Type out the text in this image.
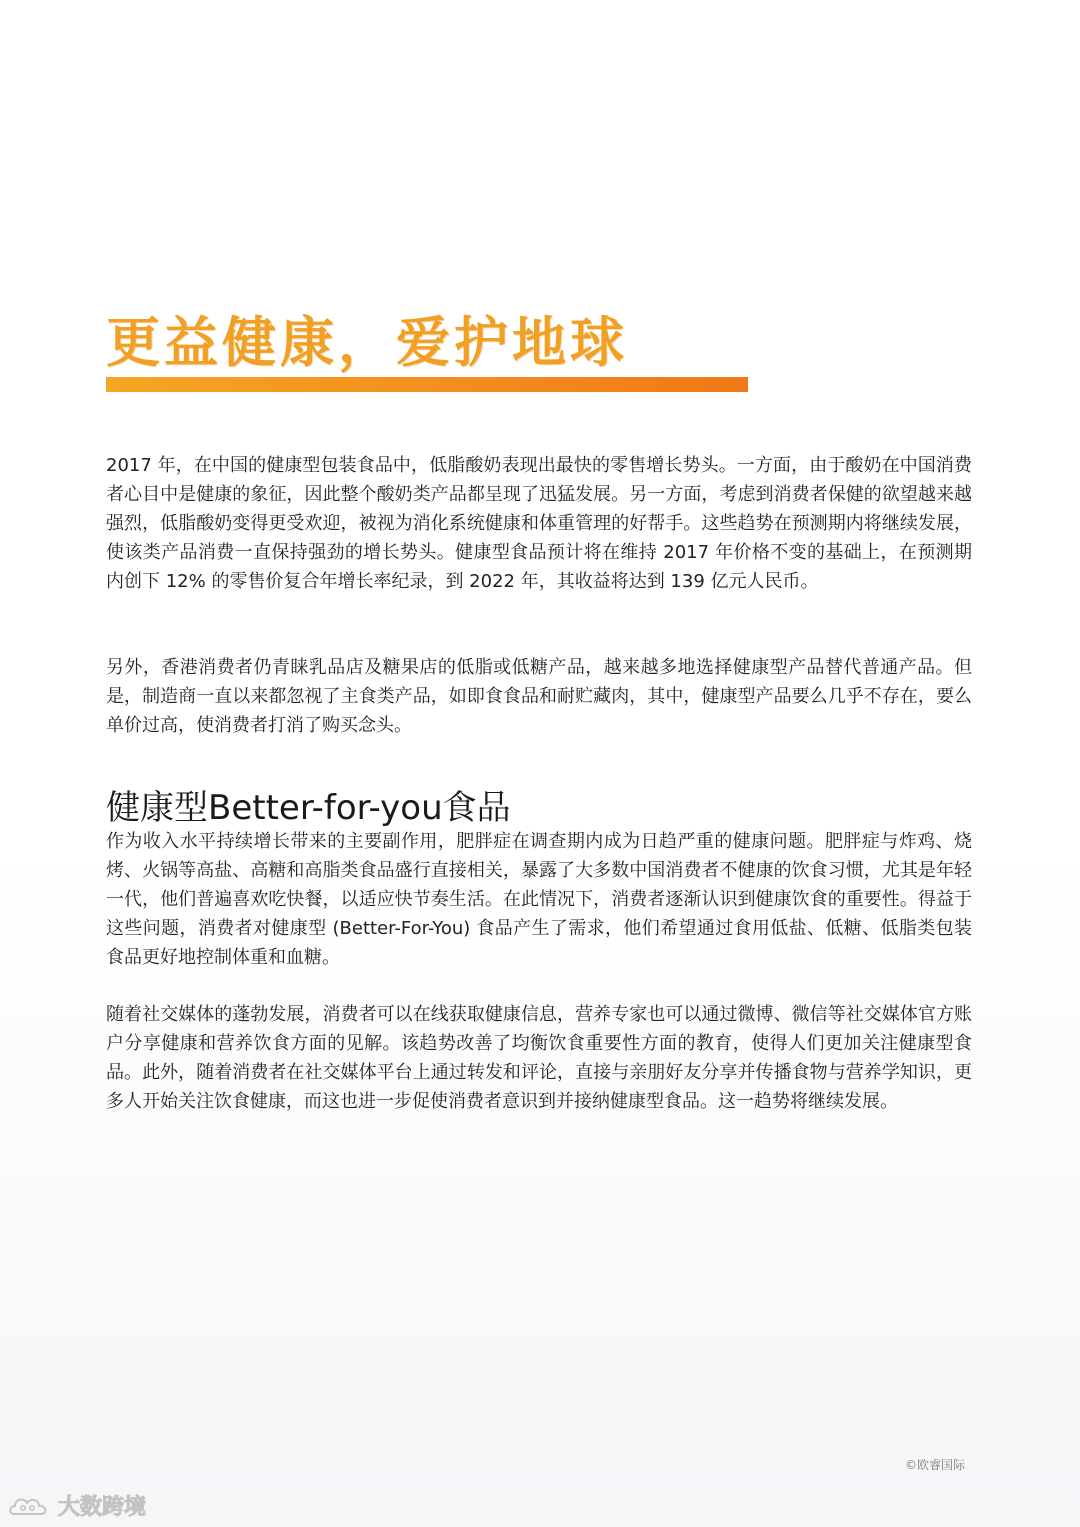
更益健康，爱护地球

2017 年，在中国的健康型包装食品中，低脂酸奶表现出最快的零售增长势头。一方面，由于酸奶在中国消费者心目中是健康的象征，因此整个酸奶类产品都呈现了迅猛发展。另一方面，考虑到消费者保健的欲望越来越强烈，低脂酸奶变得更受欢迎，被视为消化系统健康和体重管理的好帮手。这些趋势在预测期内将继续发展，使该类产品消费一直保持强劲的增长势头。健康型食品预计将在维持 2017 年价格不变的基础上，在预测期内创下 12% 的零售价复合年增长率纪录，到 2022 年，其收益将达到 139 亿元人民币。

另外，香港消费者仍青睐乳品店及糖果店的低脂或低糖产品，越来越多地选择健康型产品替代普通产品。但是，制造商一直以来都忽视了主食类产品，如即食食品和耐贮藏肉，其中，健康型产品要么几乎不存在，要么单价过高，使消费者打消了购买念头。

健康型Better-for-you食品

作为收入水平持续增长带来的主要副作用，肥胖症在调查期内成为日趋严重的健康问题。肥胖症与炸鸡、烧烤、火锅等高盐、高糖和高脂类食品盛行直接相关，暴露了大多数中国消费者不健康的饮食习惯，尤其是年轻一代，他们普遍喜欢吃快餐，以适应快节奏生活。在此情况下，消费者逐渐认识到健康饮食的重要性。得益于这些问题，消费者对健康型 (Better-For-You) 食品产生了需求，他们希望通过食用低盐、低糖、低脂类包装食品更好地控制体重和血糖。

随着社交媒体的蓬勃发展，消费者可以在线获取健康信息，营养专家也可以通过微博、微信等社交媒体官方账户分享健康和营养饮食方面的见解。该趋势改善了均衡饮食重要性方面的教育，使得人们更加关注健康型食品。此外，随着消费者在社交媒体平台上通过转发和评论，直接与亲朋好友分享并传播食物与营养学知识，更多人开始关注饮食健康，而这也进一步促使消费者意识到并接纳健康型食品。这一趋势将继续发展。

©欧睿国际
大数跨境
